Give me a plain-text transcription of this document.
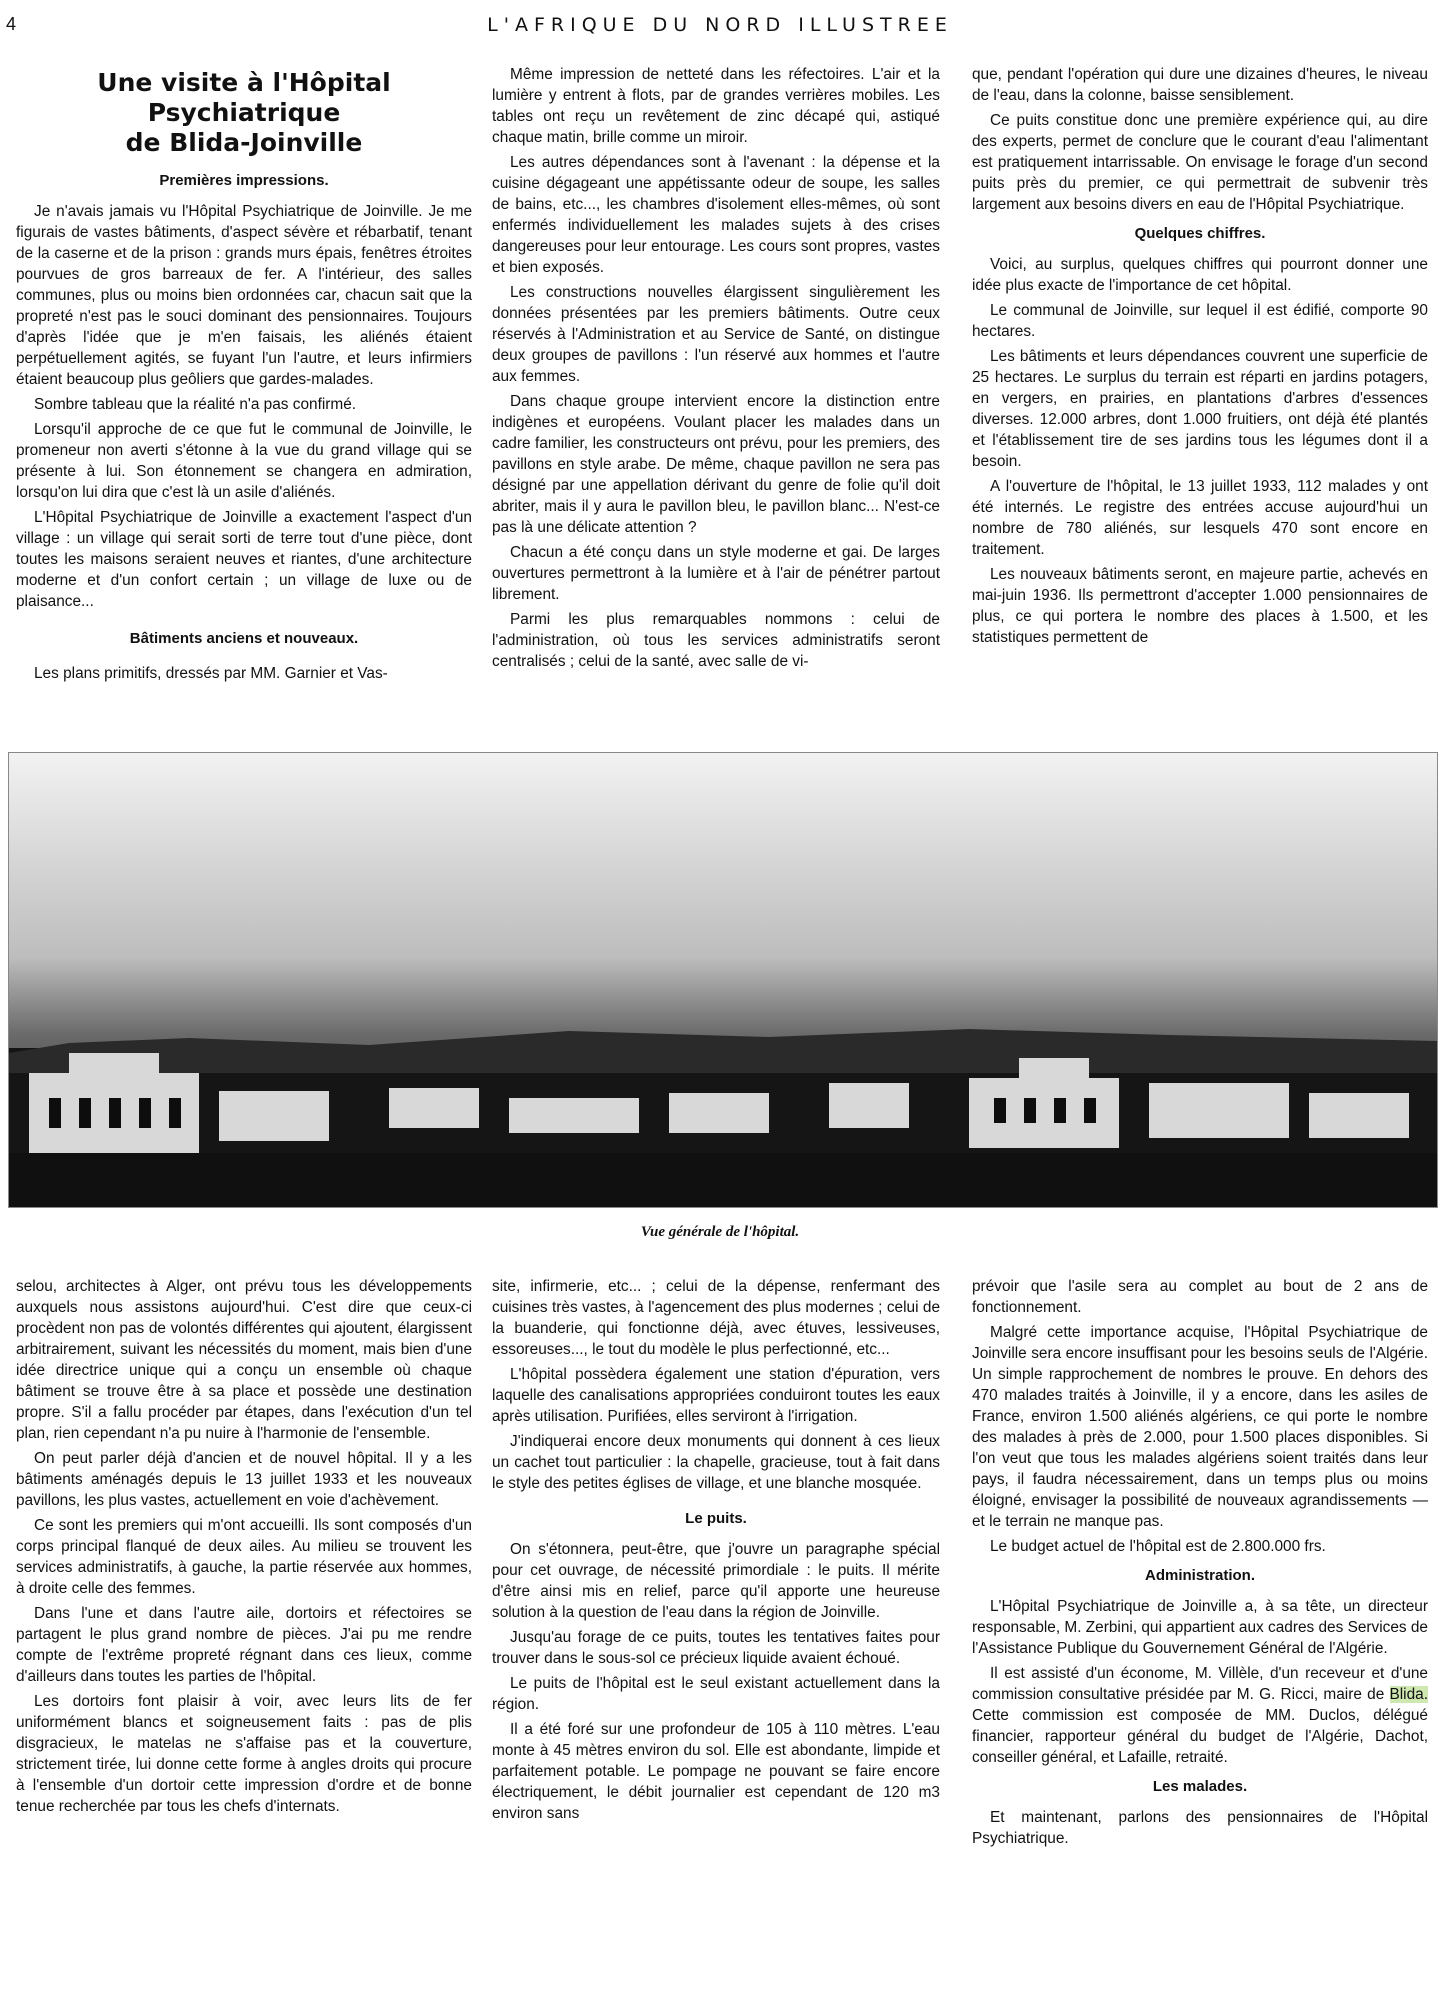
4	L'AFRIQUE DU NORD ILLUSTREE
Une visite à l'Hôpital Psychiatrique
de Blida-Joinville
Premières impressions.

Je n'avais jamais vu l'Hôpital Psychiatrique de Joinville. Je me figurais de vastes bâtiments, d'aspect sévère et rébarbatif, tenant de la caserne et de la prison : grands murs épais, fenêtres étroites pourvues de gros barreaux de fer. A l'intérieur, des salles communes, plus ou moins bien ordonnées car, chacun sait que la propreté n'est pas le souci dominant des pensionnaires. Toujours d'après l'idée que je m'en faisais, les aliénés étaient perpétuellement agités, se fuyant l'un l'autre, et leurs infirmiers étaient beaucoup plus geôliers que gardes-malades.

Sombre tableau que la réalité n'a pas confirmé.

Lorsqu'il approche de ce que fut le communal de Joinville, le promeneur non averti s'étonne à la vue du grand village qui se présente à lui. Son étonnement se changera en admiration, lorsqu'on lui dira que c'est là un asile d'aliénés.

L'Hôpital Psychiatrique de Joinville a exactement l'aspect d'un village : un village qui serait sorti de terre tout d'une pièce, dont toutes les maisons seraient neuves et riantes, d'une architecture moderne et d'un confort certain ; un village de luxe ou de plaisance...

Bâtiments anciens et nouveaux.

Les plans primitifs, dressés par MM. Garnier et Vas-

Même impression de netteté dans les réfectoires. L'air et la lumière y entrent à flots, par de grandes verrières mobiles. Les tables ont reçu un revêtement de zinc décapé qui, astiqué chaque matin, brille comme un miroir.

Les autres dépendances sont à l'avenant : la dépense et la cuisine dégageant une appétissante odeur de soupe, les salles de bains, etc..., les chambres d'isolement elles-mêmes, où sont enfermés individuellement les malades sujets à des crises dangereuses pour leur entourage. Les cours sont propres, vastes et bien exposés.

Les constructions nouvelles élargissent singulièrement les données présentées par les premiers bâtiments. Outre ceux réservés à l'Administration et au Service de Santé, on distingue deux groupes de pavillons : l'un réservé aux hommes et l'autre aux femmes.

Dans chaque groupe intervient encore la distinction entre indigènes et européens. Voulant placer les malades dans un cadre familier, les constructeurs ont prévu, pour les premiers, des pavillons en style arabe. De même, chaque pavillon ne sera pas désigné par une appellation dérivant du genre de folie qu'il doit abriter, mais il y aura le pavillon bleu, le pavillon blanc... N'est-ce pas là une délicate attention ?

Chacun a été conçu dans un style moderne et gai. De larges ouvertures permettront à la lumière et à l'air de pénétrer partout librement.

Parmi les plus remarquables nommons : celui de l'administration, où tous les services administratifs seront centralisés ; celui de la santé, avec salle de vi-

que, pendant l'opération qui dure une dizaines d'heures, le niveau de l'eau, dans la colonne, baisse sensiblement.

Ce puits constitue donc une première expérience qui, au dire des experts, permet de conclure que le courant d'eau l'alimentant est pratiquement intarrissable. On envisage le forage d'un second puits près du premier, ce qui permettrait de subvenir très largement aux besoins divers en eau de l'Hôpital Psychiatrique.

Quelques chiffres.

Voici, au surplus, quelques chiffres qui pourront donner une idée plus exacte de l'importance de cet hôpital.

Le communal de Joinville, sur lequel il est édifié, comporte 90 hectares.

Les bâtiments et leurs dépendances couvrent une superficie de 25 hectares. Le surplus du terrain est réparti en jardins potagers, en vergers, en prairies, en plantations d'arbres d'essences diverses. 12.000 arbres, dont 1.000 fruitiers, ont déjà été plantés et l'établissement tire de ses jardins tous les légumes dont il a besoin.

A l'ouverture de l'hôpital, le 13 juillet 1933, 112 malades y ont été internés. Le registre des entrées accuse aujourd'hui un nombre de 780 aliénés, sur lesquels 470 sont encore en traitement.

Les nouveaux bâtiments seront, en majeure partie, achevés en mai-juin 1936. Ils permettront d'accepter 1.000 pensionnaires de plus, ce qui portera le nombre des places à 1.500, et les statistiques permettent de

Vue générale de l'hôpital.

selou, architectes à Alger, ont prévu tous les développements auxquels nous assistons aujourd'hui. C'est dire que ceux-ci procèdent non pas de volontés différentes qui ajoutent, élargissent arbitrairement, suivant les nécessités du moment, mais bien d'une idée directrice unique qui a conçu un ensemble où chaque bâtiment se trouve être à sa place et possède une destination propre. S'il a fallu procéder par étapes, dans l'exécution d'un tel plan, rien cependant n'a pu nuire à l'harmonie de l'ensemble.

On peut parler déjà d'ancien et de nouvel hôpital. Il y a les bâtiments aménagés depuis le 13 juillet 1933 et les nouveaux pavillons, les plus vastes, actuellement en voie d'achèvement.

Ce sont les premiers qui m'ont accueilli. Ils sont composés d'un corps principal flanqué de deux ailes. Au milieu se trouvent les services administratifs, à gauche, la partie réservée aux hommes, à droite celle des femmes.

Dans l'une et dans l'autre aile, dortoirs et réfectoires se partagent le plus grand nombre de pièces. J'ai pu me rendre compte de l'extrême propreté régnant dans ces lieux, comme d'ailleurs dans toutes les parties de l'hôpital.

Les dortoirs font plaisir à voir, avec leurs lits de fer uniformément blancs et soigneusement faits : pas de plis disgracieux, le matelas ne s'affaise pas et la couverture, strictement tirée, lui donne cette forme à angles droits qui procure à l'ensemble d'un dortoir cette impression d'ordre et de bonne tenue recherchée par tous les chefs d'internats.

site, infirmerie, etc... ; celui de la dépense, renfermant des cuisines très vastes, à l'agencement des plus modernes ; celui de la buanderie, qui fonctionne déjà, avec étuves, lessiveuses, essoreuses..., le tout du modèle le plus perfectionné, etc...

L'hôpital possèdera également une station d'épuration, vers laquelle des canalisations appropriées conduiront toutes les eaux après utilisation. Purifiées, elles serviront à l'irrigation.

J'indiquerai encore deux monuments qui donnent à ces lieux un cachet tout particulier : la chapelle, gracieuse, tout à fait dans le style des petites églises de village, et une blanche mosquée.

Le puits.

On s'étonnera, peut-être, que j'ouvre un paragraphe spécial pour cet ouvrage, de nécessité primordiale : le puits. Il mérite d'être ainsi mis en relief, parce qu'il apporte une heureuse solution à la question de l'eau dans la région de Joinville.

Jusqu'au forage de ce puits, toutes les tentatives faites pour trouver dans le sous-sol ce précieux liquide avaient échoué.

Le puits de l'hôpital est le seul existant actuellement dans la région.

Il a été foré sur une profondeur de 105 à 110 mètres. L'eau monte à 45 mètres environ du sol. Elle est abondante, limpide et parfaitement potable. Le pompage ne pouvant se faire encore électriquement, le débit journalier est cependant de 120 m3 environ sans

prévoir que l'asile sera au complet au bout de 2 ans de fonctionnement.

Malgré cette importance acquise, l'Hôpital Psychiatrique de Joinville sera encore insuffisant pour les besoins seuls de l'Algérie. Un simple rapprochement de nombres le prouve. En dehors des 470 malades traités à Joinville, il y a encore, dans les asiles de France, environ 1.500 aliénés algériens, ce qui porte le nombre des malades à près de 2.000, pour 1.500 places disponibles. Si l'on veut que tous les malades algériens soient traités dans leur pays, il faudra nécessairement, dans un temps plus ou moins éloigné, envisager la possibilité de nouveaux agrandissements — et le terrain ne manque pas.

Le budget actuel de l'hôpital est de 2.800.000 frs.

Administration.

L'Hôpital Psychiatrique de Joinville a, à sa tête, un directeur responsable, M. Zerbini, qui appartient aux cadres des Services de l'Assistance Publique du Gouvernement Général de l'Algérie.

Il est assisté d'un économe, M. Villèle, d'un receveur et d'une commission consultative présidée par M. G. Ricci, maire de Blida. Cette commission est composée de MM. Duclos, délégué financier, rapporteur général du budget de l'Algérie, Dachot, conseiller général, et Lafaille, retraité.

Les malades.

Et maintenant, parlons des pensionnaires de l'Hôpital Psychiatrique.
